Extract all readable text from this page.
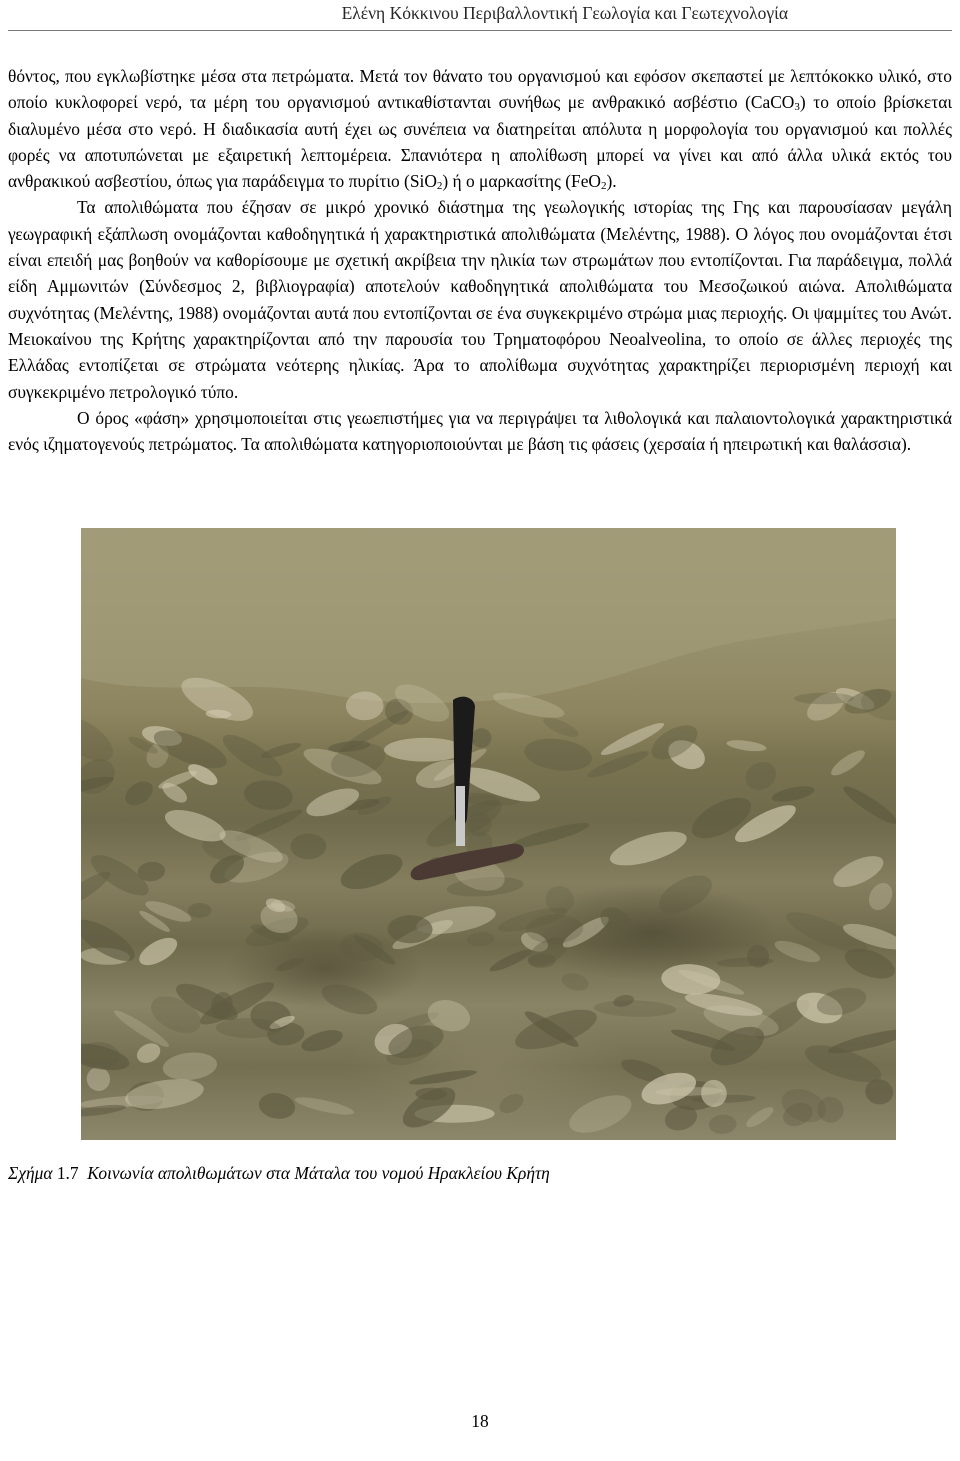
Ελένη Κόκκινου Περιβαλλοντική Γεωλογία και Γεωτεχνολογία

θόντος, που εγκλωβίστηκε μέσα στα πετρώματα. Μετά τον θάνατο του οργανισμού και εφόσον σκεπαστεί με λεπτόκοκκο υλικό, στο οποίο κυκλοφορεί νερό, τα μέρη του οργανισμού αντικαθίστανται συνήθως με ανθρακικό ασβέστιο (CaCO$_3$) το οποίο βρίσκεται διαλυμένο μέσα στο νερό. Η διαδικασία αυτή έχει ως συνέπεια να διατηρείται απόλυτα η μορφολογία του οργανισμού και πολλές φορές να αποτυπώνεται με εξαιρετική λεπτομέρεια. Σπανιότερα η απολίθωση μπορεί να γίνει και από άλλα υλικά εκτός του ανθρακικού ασβεστίου, όπως για παράδειγμα το πυρίτιο (SiO$_2$) ή ο μαρκασίτης (FeO$_2$).

Τα απολιθώματα που έζησαν σε μικρό χρονικό διάστημα της γεωλογικής ιστορίας της Γης και παρουσίασαν μεγάλη γεωγραφική εξάπλωση ονομάζονται καθοδηγητικά ή χαρακτηριστικά απολιθώματα (Μελέντης, 1988). Ο λόγος που ονομάζονται έτσι είναι επειδή μας βοηθούν να καθορίσουμε με σχετική ακρίβεια την ηλικία των στρωμάτων που εντοπίζονται. Για παράδειγμα, πολλά είδη Αμμωνιτών (Σύνδεσμος 2, βιβλιογραφία) αποτελούν καθοδηγητικά απολιθώματα του Μεσοζωικού αιώνα. Απολιθώματα συχνότητας (Μελέντης, 1988) ονομάζονται αυτά που εντοπίζονται σε ένα συγκεκριμένο στρώμα μιας περιοχής. Οι ψαμμίτες του Ανώτ. Μειοκαίνου της Κρήτης χαρακτηρίζονται από την παρουσία του Τρηματοφόρου Neoalveolina, το οποίο σε άλλες περιοχές της Ελλάδας εντοπίζεται σε στρώματα νεότερης ηλικίας. Άρα το απολίθωμα συχνότητας χαρακτηρίζει περιορισμένη περιοχή και συγκεκριμένο πετρολογικό τύπο.

Ο όρος «φάση» χρησιμοποιείται στις γεωεπιστήμες για να περιγράψει τα λιθολογικά και παλαιοντολογικά χαρακτηριστικά ενός ιζηματογενούς πετρώματος. Τα απολιθώματα κατηγοριοποιούνται με βάση τις φάσεις (χερσαία ή ηπειρωτική και θαλάσσια).

Σχήμα 1.7 Κοινωνία απολιθωμάτων στα Μάταλα του νομού Ηρακλείου Κρήτη
18
